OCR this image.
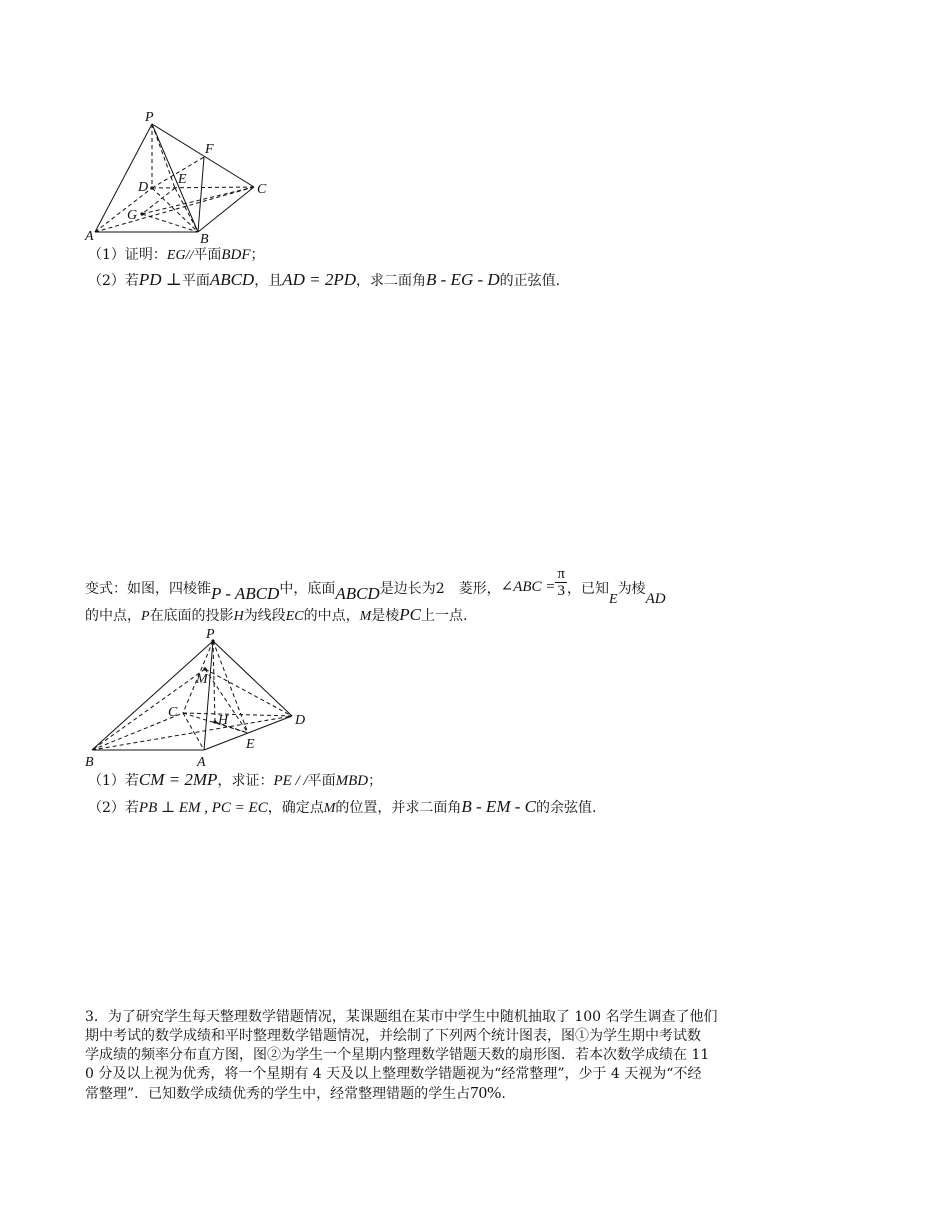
P
F
D
E
C
G
A	B
（1）证明：EG//平面BDF；
（2）若PD ⊥平面ABCD，且AD = 2PD，求二面角B - EG - D的正弦值.
变式：如图，四棱锥P - ABCD中，底面ABCD是边长为2　菱形，∠ABC = $\frac{\pi}{3}$ ，已知E为棱AD
的中点，P在底面的投影H为线段EC的中点，M是棱PC上一点.
P
M
C
H	D
E
B	A
（1）若CM = 2MP，求证：PE / /平面MBD；
（2）若PB ⊥ EM , PC = EC，确定点M的位置，并求二面角B - EM - C的余弦值.
3．为了研究学生每天整理数学错题情况，某课题组在某市中学生中随机抽取了 100 名学生调查了他们
期中考试的数学成绩和平时整理数学错题情况，并绘制了下列两个统计图表，图①为学生期中考试数
学成绩的频率分布直方图，图②为学生一个星期内整理数学错题天数的扇形图．若本次数学成绩在 11
0 分及以上视为优秀，将一个星期有 4 天及以上整理数学错题视为“经常整理”，少于 4 天视为“不经
常整理”．已知数学成绩优秀的学生中，经常整理错题的学生占70%.
